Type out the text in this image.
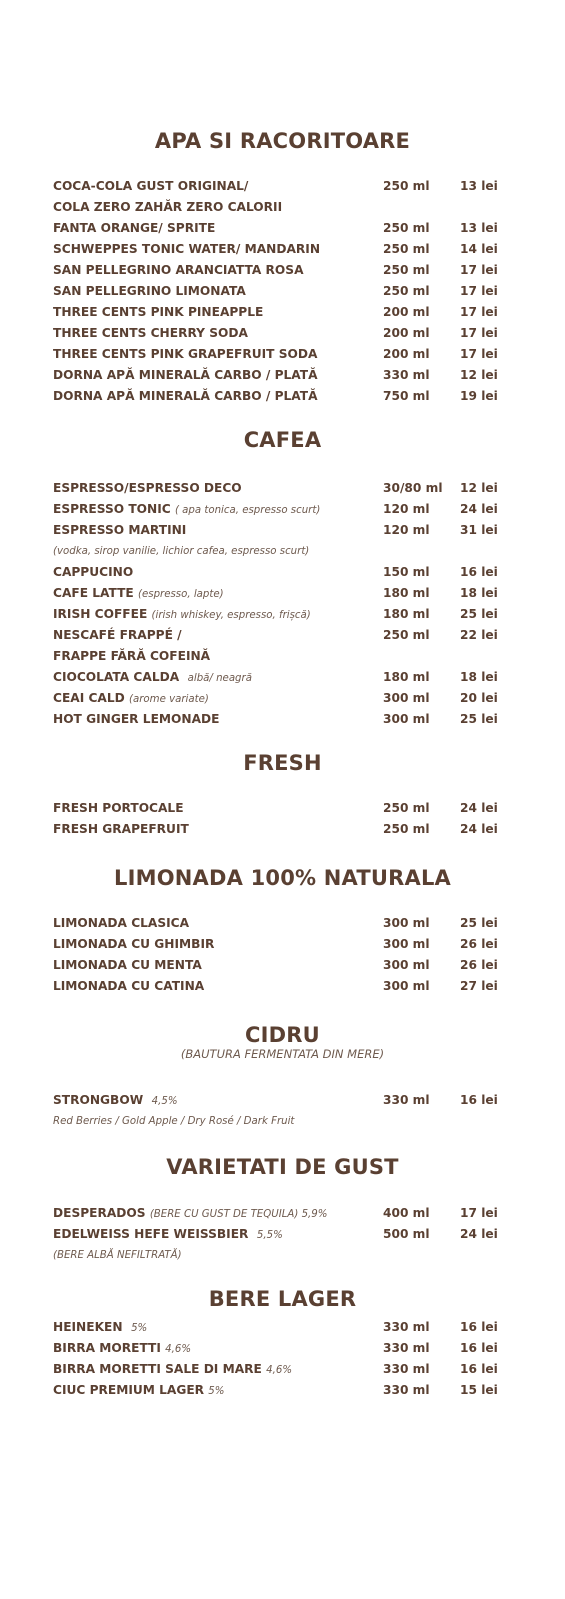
APA SI RACORITOARE
COCA-COLA GUST ORIGINAL/	250 ml 13 lei
COLA ZERO ZAHĂR ZERO CALORII
FANTA ORANGE/ SPRITE	250 ml 13 lei
SCHWEPPES TONIC WATER/ MANDARIN	250 ml 14 lei
SAN PELLEGRINO ARANCIATTA ROSA	250 ml 17 lei
SAN PELLEGRINO LIMONATA	250 ml 17 lei
THREE CENTS PINK PINEAPPLE	200 ml 17 lei
THREE CENTS CHERRY SODA	200 ml 17 lei
THREE CENTS PINK GRAPEFRUIT SODA	200 ml 17 lei
DORNA APĂ MINERALĂ CARBO / PLATĂ	330 ml 12 lei
DORNA APĂ MINERALĂ CARBO / PLATĂ	750 ml 19 lei
CAFEA
ESPRESSO/ESPRESSO DECO	30/80 ml 12 lei
ESPRESSO TONIC ( apa tonica, espresso scurt)	120 ml 24 lei
ESPRESSO MARTINI	120 ml 31 lei
(vodka, sirop vanilie, lichior cafea, espresso scurt)
CAPPUCINO	150 ml 16 lei
CAFE LATTE (espresso, lapte)	180 ml 18 lei
IRISH COFFEE (irish whiskey, espresso, frișcă)	180 ml 25 lei
NESCAFÉ FRAPPÉ /	250 ml 22 lei
FRAPPE FĂRĂ COFEINĂ
CIOCOLATA CALDA albă/ neagră	180 ml 18 lei
CEAI CALD (arome variate)	300 ml 20 lei
HOT GINGER LEMONADE	300 ml 25 lei
FRESH
FRESH PORTOCALE	250 ml 24 lei
FRESH GRAPEFRUIT	250 ml 24 lei
LIMONADA 100% NATURALA
LIMONADA CLASICA	300 ml 25 lei
LIMONADA CU GHIMBIR	300 ml 26 lei
LIMONADA CU MENTA	300 ml 26 lei
LIMONADA CU CATINA	300 ml 27 lei
CIDRU
(BAUTURA FERMENTATA DIN MERE)
STRONGBOW 4,5%	330 ml 16 lei
Red Berries / Gold Apple / Dry Rosé / Dark Fruit
VARIETATI DE GUST
DESPERADOS (BERE CU GUST DE TEQUILA) 5,9%	400 ml 17 lei
EDELWEISS HEFE WEISSBIER 5,5%	500 ml 24 lei
(BERE ALBĂ NEFILTRATĂ)
BERE LAGER
HEINEKEN 5%	330 ml 16 lei
BIRRA MORETTI 4,6%	330 ml 16 lei
BIRRA MORETTI SALE DI MARE 4,6%	330 ml 16 lei
CIUC PREMIUM LAGER 5%	330 ml 15 lei
